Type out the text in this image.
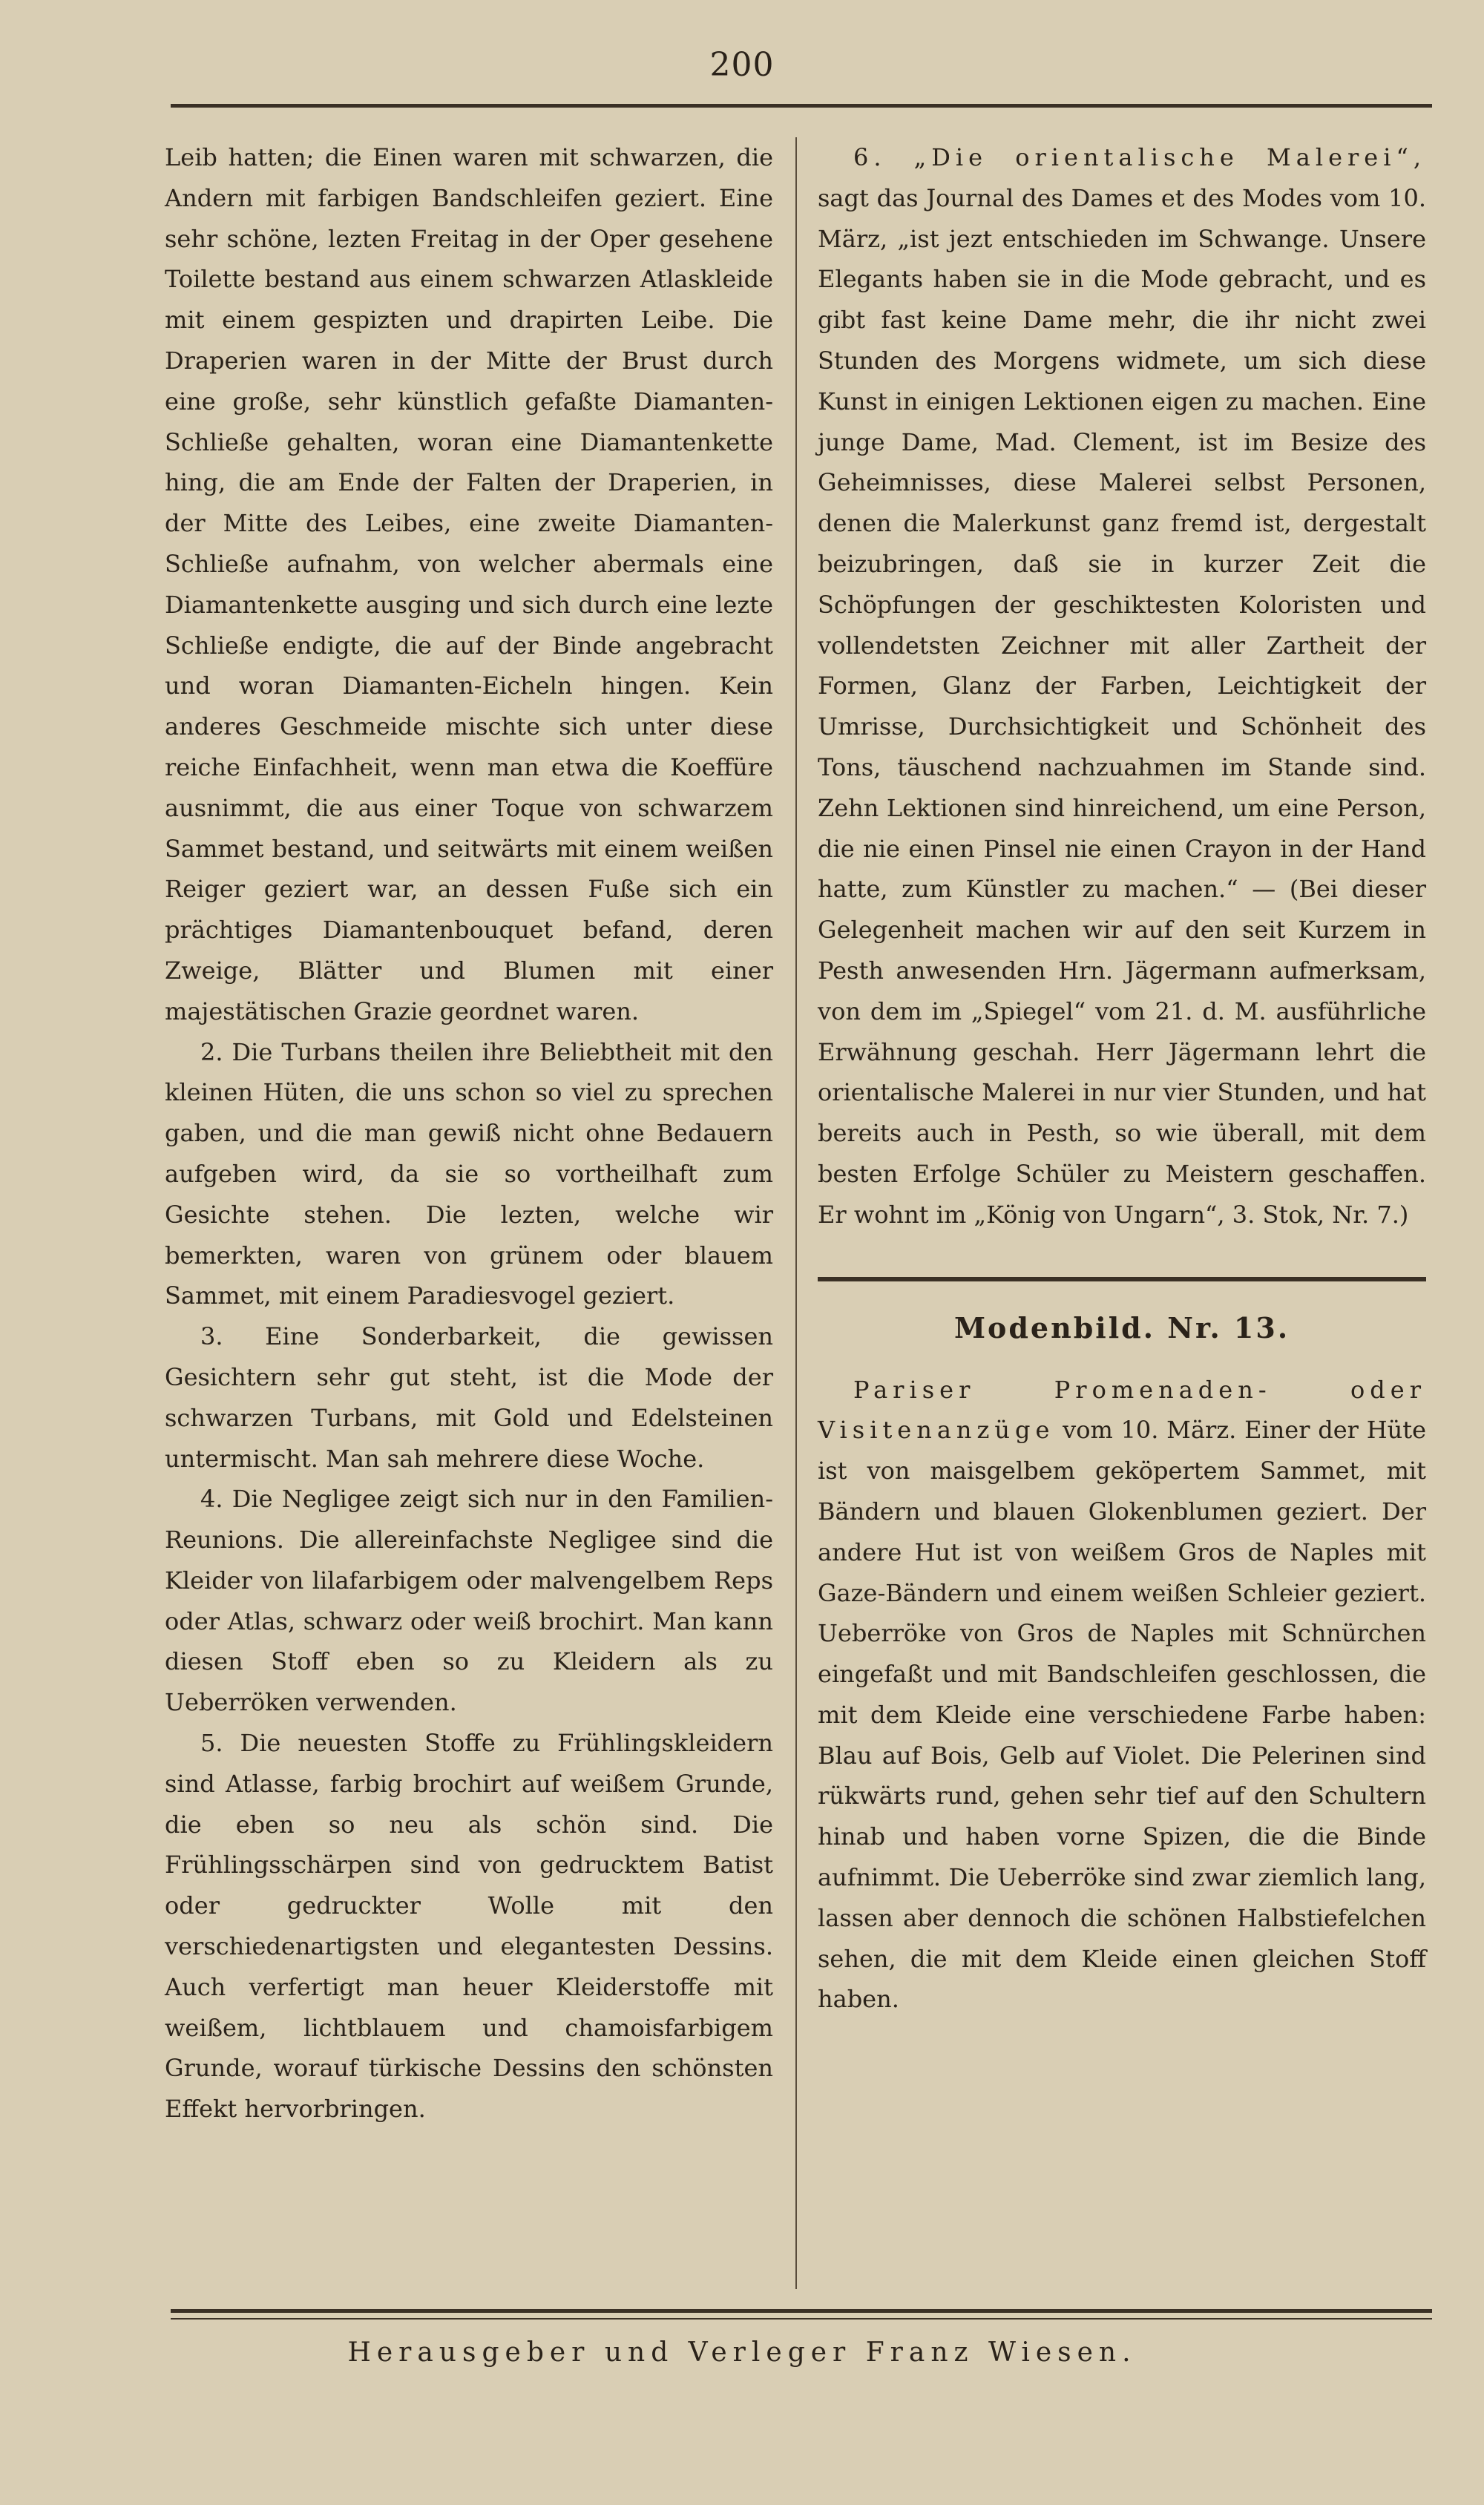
200

Leib hatten; die Einen waren mit schwarzen, die Andern mit farbigen Bandschleifen geziert. Eine sehr schöne, lezten Freitag in der Oper gesehene Toilette bestand aus einem schwarzen Atlaskleide mit einem gespizten und drapirten Leibe. Die Draperien waren in der Mitte der Brust durch eine große, sehr künstlich gefaßte Diamanten-Schließe gehalten, woran eine Diamantenkette hing, die am Ende der Falten der Draperien, in der Mitte des Leibes, eine zweite Diamanten-Schließe aufnahm, von welcher abermals eine Diamantenkette ausging und sich durch eine lezte Schließe endigte, die auf der Binde angebracht und woran Diamanten-Eicheln hingen. Kein anderes Geschmeide mischte sich unter diese reiche Einfachheit, wenn man etwa die Koeffüre ausnimmt, die aus einer Toque von schwarzem Sammet bestand, und seitwärts mit einem weißen Reiger geziert war, an dessen Fuße sich ein prächtiges Diamantenbouquet befand, deren Zweige, Blätter und Blumen mit einer majestätischen Grazie geordnet waren.

2. Die Turbans theilen ihre Beliebtheit mit den kleinen Hüten, die uns schon so viel zu sprechen gaben, und die man gewiß nicht ohne Bedauern aufgeben wird, da sie so vortheilhaft zum Gesichte stehen. Die lezten, welche wir bemerkten, waren von grünem oder blauem Sammet, mit einem Paradiesvogel geziert.

3. Eine Sonderbarkeit, die gewissen Gesichtern sehr gut steht, ist die Mode der schwarzen Turbans, mit Gold und Edelsteinen untermischt. Man sah mehrere diese Woche.

4. Die Negligee zeigt sich nur in den Familien-Reunions. Die allereinfachste Negligee sind die Kleider von lilafarbigem oder malvengelbem Reps oder Atlas, schwarz oder weiß brochirt. Man kann diesen Stoff eben so zu Kleidern als zu Ueberröken verwenden.

5. Die neuesten Stoffe zu Frühlingskleidern sind Atlasse, farbig brochirt auf weißem Grunde, die eben so neu als schön sind. Die Frühlingsschärpen sind von gedrucktem Batist oder gedruckter Wolle mit den verschiedenartigsten und elegantesten Dessins. Auch verfertigt man heuer Kleiderstoffe mit weißem, lichtblauem und chamoisfarbigem Grunde, worauf türkische Dessins den schönsten Effekt hervorbringen.

6. „Die orientalische Malerei“, sagt das Journal des Dames et des Modes vom 10. März, „ist jezt entschieden im Schwange. Unsere Elegants haben sie in die Mode gebracht, und es gibt fast keine Dame mehr, die ihr nicht zwei Stunden des Morgens widmete, um sich diese Kunst in einigen Lektionen eigen zu machen. Eine junge Dame, Mad. Clement, ist im Besize des Geheimnisses, diese Malerei selbst Personen, denen die Malerkunst ganz fremd ist, dergestalt beizubringen, daß sie in kurzer Zeit die Schöpfungen der geschiktesten Koloristen und vollendetsten Zeichner mit aller Zartheit der Formen, Glanz der Farben, Leichtigkeit der Umrisse, Durchsichtigkeit und Schönheit des Tons, täuschend nachzuahmen im Stande sind. Zehn Lektionen sind hinreichend, um eine Person, die nie einen Pinsel nie einen Crayon in der Hand hatte, zum Künstler zu machen.“ — (Bei dieser Gelegenheit machen wir auf den seit Kurzem in Pesth anwesenden Hrn. Jägermann aufmerksam, von dem im „Spiegel“ vom 21. d. M. ausführliche Erwähnung geschah. Herr Jägermann lehrt die orientalische Malerei in nur vier Stunden, und hat bereits auch in Pesth, so wie überall, mit dem besten Erfolge Schüler zu Meistern geschaffen. Er wohnt im „König von Ungarn“, 3. Stok, Nr. 7.)

Modenbild. Nr. 13.

Pariser Promenaden- oder Visitenanzüge vom 10. März. Einer der Hüte ist von maisgelbem geköpertem Sammet, mit Bändern und blauen Glokenblumen geziert. Der andere Hut ist von weißem Gros de Naples mit Gaze-Bändern und einem weißen Schleier geziert. Ueberröke von Gros de Naples mit Schnürchen eingefaßt und mit Bandschleifen geschlossen, die mit dem Kleide eine verschiedene Farbe haben: Blau auf Bois, Gelb auf Violet. Die Pelerinen sind rükwärts rund, gehen sehr tief auf den Schultern hinab und haben vorne Spizen, die die Binde aufnimmt. Die Ueberröke sind zwar ziemlich lang, lassen aber dennoch die schönen Halbstiefelchen sehen, die mit dem Kleide einen gleichen Stoff haben.

Herausgeber und Verleger Franz Wiesen.
